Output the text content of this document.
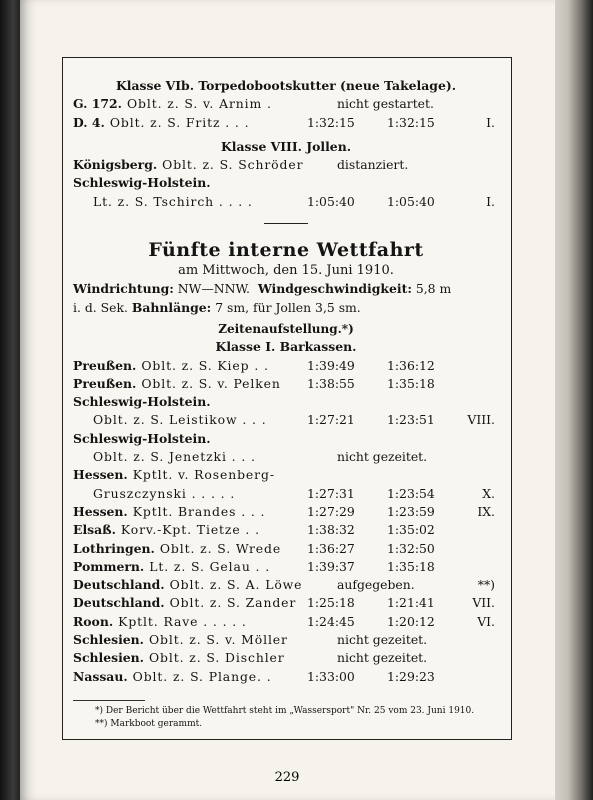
Klasse VIb. Torpedobootskutter (neue Takelage).
G. 172. Oblt. z. S. v. Arnim .	nicht gestartet.
D. 4. Oblt. z. S. Fritz . . .	1:32:15	1:32:15	I.
Klasse VIII. Jollen.
Königsberg. Oblt. z. S. Schröder	distanziert.
Schleswig-Holstein.
Lt. z. S. Tschirch . . . .	1:05:40	1:05:40	I.
Fünfte interne Wettfahrt
am Mittwoch, den 15. Juni 1910.
Windrichtung: NW—NNW. Windgeschwindigkeit: 5,8 m
i. d. Sek. Bahnlänge: 7 sm, für Jollen 3,5 sm.
Zeitenaufstellung.*)
Klasse I. Barkassen.
Preußen. Oblt. z. S. Kiep . .	1:39:49	1:36:12
Preußen. Oblt. z. S. v. Pelken	1:38:55	1:35:18
Schleswig-Holstein.
Oblt. z. S. Leistikow . . .	1:27:21	1:23:51	VIII.
Schleswig-Holstein.
Oblt. z. S. Jenetzki . . .	nicht gezeitet.
Hessen. Kptlt. v. Rosenberg-
Gruszczynski . . . . .	1:27:31	1:23:54	X.
Hessen. Kptlt. Brandes . . .	1:27:29	1:23:59	IX.
Elsaß. Korv.-Kpt. Tietze . .	1:38:32	1:35:02
Lothringen. Oblt. z. S. Wrede	1:36:27	1:32:50
Pommern. Lt. z. S. Gelau . .	1:39:37	1:35:18
Deutschland. Oblt. z. S. A. Löwe	aufgegeben.	**)
Deutschland. Oblt. z. S. Zander 1:25:18	1:21:41	VII.
Roon. Kptlt. Rave . . . . .	1:24:45	1:20:12	VI.
Schlesien. Oblt. z. S. v. Möller	nicht gezeitet.
Schlesien. Oblt. z. S. Dischler	nicht gezeitet.
Nassau. Oblt. z. S. Plange. .	1:33:00	1:29:23

*) Der Bericht über die Wettfahrt steht im „Wassersport" Nr. 25 vom 23. Juni 1910.

**) Markboot gerammt.

229
